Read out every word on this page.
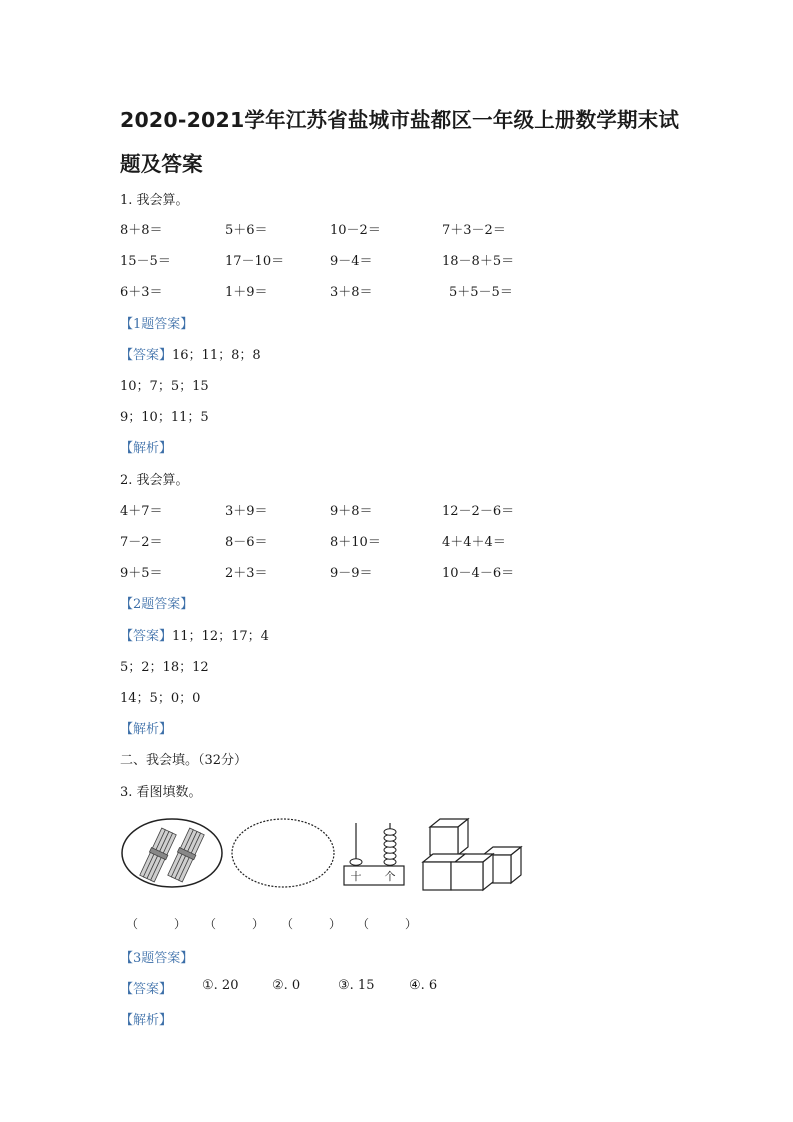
2020-2021学年江苏省盐城市盐都区一年级上册数学期末试
题及答案
1. 我会算。
8＋8＝	5＋6＝	10－2＝	7＋3－2＝
15－5＝	17－10＝	9－4＝	18－8＋5＝
6＋3＝	1＋9＝	3＋8＝	5＋5－5＝
【1题答案】
【答案】16；11；8；8
10；7；5；15
9；10；11；5
【解析】
2. 我会算。
4＋7＝	3＋9＝	9＋8＝	12－2－6＝
7－2＝	8－6＝	8＋10＝	4＋4＋4＝
9＋5＝	2＋3＝	9－9＝	10－4－6＝
【2题答案】
【答案】11；12；17；4
5；2；18；12
14；5；0；0
【解析】
二、我会填。（32分）
3. 看图填数。
十 个
（　　　） （　　　） （　　　） （　　　）
【3题答案】
【答案】 ①. 20	②. 0	③. 15	④. 6
【解析】
